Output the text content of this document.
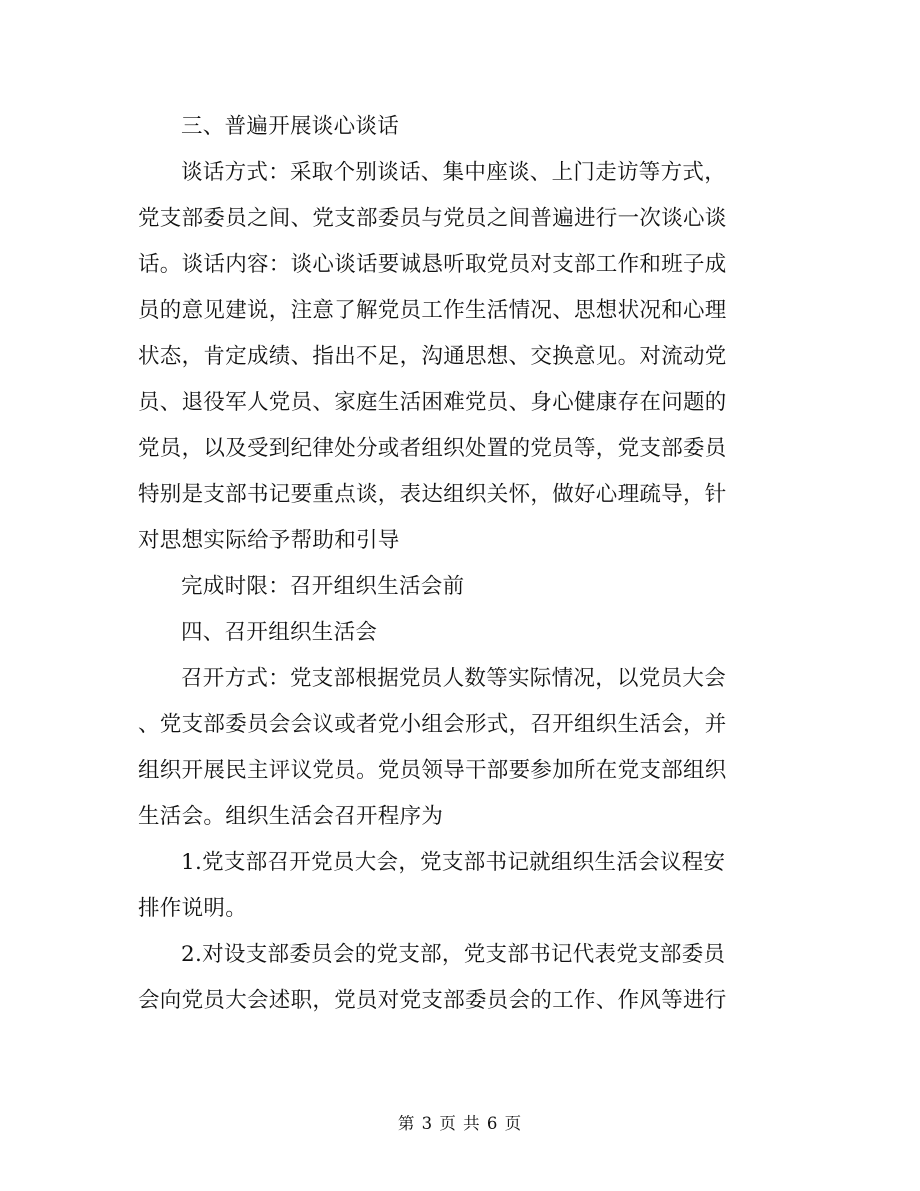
三、普遍开展谈心谈话
谈话方式：采取个别谈话、集中座谈、上门走访等方式，
党支部委员之间、党支部委员与党员之间普遍进行一次谈心谈
话。谈话内容：谈心谈话要诚恳听取党员对支部工作和班子成
员的意见建说，注意了解党员工作生活情况、思想状况和心理
状态，肯定成绩、指出不足，沟通思想、交换意见。对流动党
员、退役军人党员、家庭生活困难党员、身心健康存在问题的
党员，以及受到纪律处分或者组织处置的党员等，党支部委员
特别是支部书记要重点谈，表达组织关怀，做好心理疏导，针
对思想实际给予帮助和引导
完成时限：召开组织生活会前
四、召开组织生活会
召开方式：党支部根据党员人数等实际情况，以党员大会
、党支部委员会会议或者党小组会形式，召开组织生活会，并
组织开展民主评议党员。党员领导干部要参加所在党支部组织
生活会。组织生活会召开程序为
1.党支部召开党员大会，党支部书记就组织生活会议程安
排作说明。
2.对设支部委员会的党支部，党支部书记代表党支部委员
会向党员大会述职，党员对党支部委员会的工作、作风等进行
第 3 页 共 6 页
